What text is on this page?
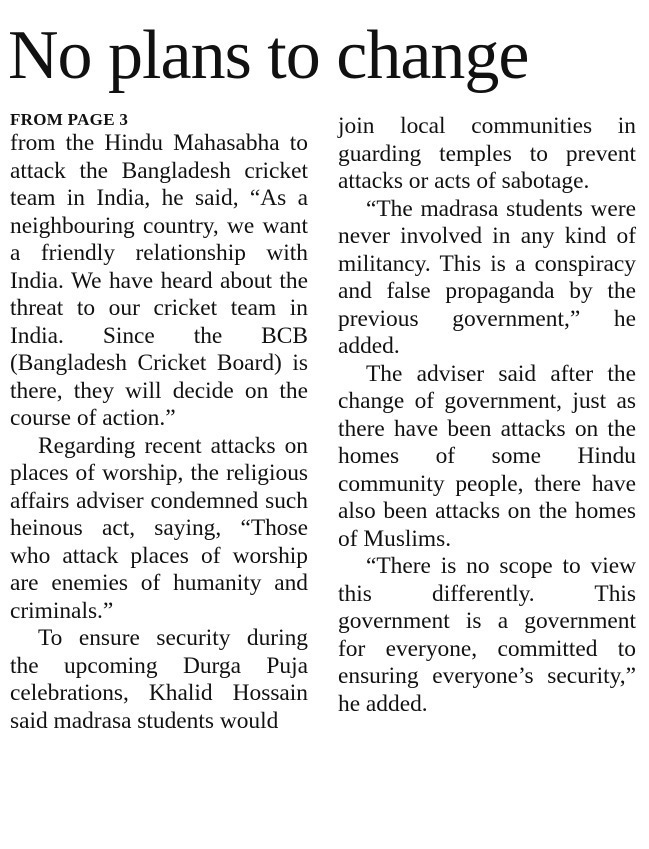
No plans to change
FROM PAGE 3

from the Hindu Mahasabha to attack the Bangladesh cricket team in India, he said, “As a neighbouring country, we want a friendly relationship with India. We have heard about the threat to our cricket team in India. Since the BCB (Bangladesh Cricket Board) is there, they will decide on the course of action.”

Regarding recent attacks on places of worship, the religious affairs adviser condemned such heinous act, saying, “Those who attack places of worship are enemies of humanity and criminals.”

To ensure security during the upcoming Durga Puja celebrations, Khalid Hossain said madrasa students would

join local communities in guarding temples to prevent attacks or acts of sabotage.

“The madrasa students were never involved in any kind of militancy. This is a conspiracy and false propaganda by the previous government,” he added.

The adviser said after the change of government, just as there have been attacks on the homes of some Hindu community people, there have also been attacks on the homes of Muslims.

“There is no scope to view this differently. This government is a government for everyone, committed to ensuring everyone’s security,” he added.
